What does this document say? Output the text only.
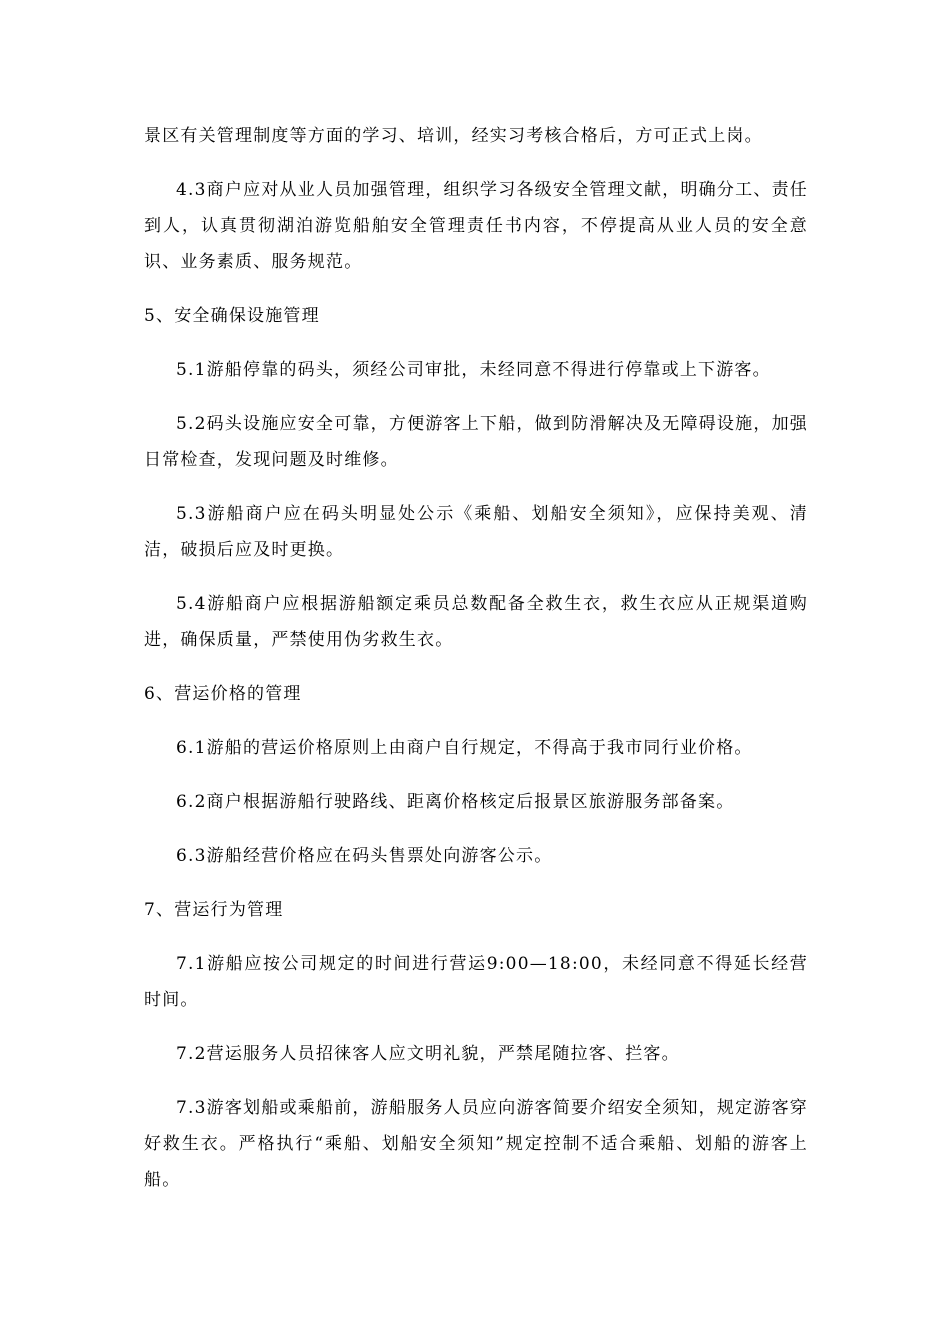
景区有关管理制度等方面的学习、培训，经实习考核合格后，方可正式上岗。

4.3商户应对从业人员加强管理，组织学习各级安全管理文献，明确分工、责任到人，认真贯彻湖泊游览船舶安全管理责任书内容，不停提高从业人员的安全意识、业务素质、服务规范。

5、安全确保设施管理

5.1游船停靠的码头，须经公司审批，未经同意不得进行停靠或上下游客。

5.2码头设施应安全可靠，方便游客上下船，做到防滑解决及无障碍设施，加强日常检查，发现问题及时维修。

5.3游船商户应在码头明显处公示《乘船、划船安全须知》，应保持美观、清洁，破损后应及时更换。

5.4游船商户应根据游船额定乘员总数配备全救生衣，救生衣应从正规渠道购进，确保质量，严禁使用伪劣救生衣。

6、营运价格的管理

6.1游船的营运价格原则上由商户自行规定，不得高于我市同行业价格。

6.2商户根据游船行驶路线、距离价格核定后报景区旅游服务部备案。

6.3游船经营价格应在码头售票处向游客公示。

7、营运行为管理

7.1游船应按公司规定的时间进行营运9:00—18:00，未经同意不得延长经营时间。

7.2营运服务人员招徕客人应文明礼貌，严禁尾随拉客、拦客。

7.3游客划船或乘船前，游船服务人员应向游客简要介绍安全须知，规定游客穿好救生衣。严格执行“乘船、划船安全须知”规定控制不适合乘船、划船的游客上船。
